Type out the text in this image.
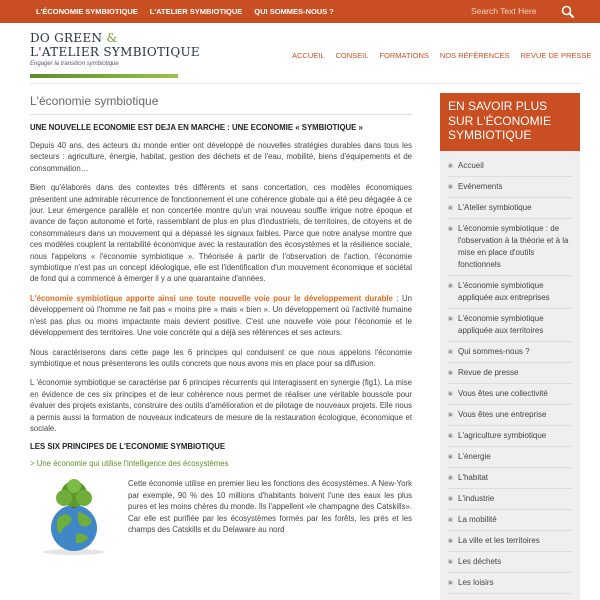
L'ÉCONOMIE SYMBIOTIQUE L'ATELIER SYMBIOTIQUE QUI SOMMES-NOUS ?	Search Text Here
DO GREEN &
L'ATELIER SYMBIOTIQUE
Engager la transition symbiotique
ACCUEIL CONSEIL FORMATIONS NOS RÉFÉRENCES REVUE DE PRESSE
L'économie symbiotique
UNE NOUVELLE ECONOMIE EST DEJA EN MARCHE : UNE ECONOMIE « SYMBIOTIQUE »

Depuis 40 ans, des acteurs du monde entier ont développé de nouvelles stratégies durables dans tous les secteurs : agriculture, énergie, habitat, gestion des déchets et de l'eau, mobilité, biens d'équipements et de consommation…

Bien qu'élaborés dans des contextes très différents et sans concertation, ces modèles économiques présentent une admirable récurrence de fonctionnement et une cohérence globale qui a été peu dégagée à ce jour. Leur émergence parallèle et non concertée montre qu'un vrai nouveau souffle irrigue notre époque et avance de façon autonome et forte, rassemblant de plus en plus d'industriels, de territoires, de citoyens et de consommateurs dans un mouvement qui a dépassé les signaux faibles. Parce que notre analyse montre que ces modèles couplent la rentabilité économique avec la restauration des écosystèmes et la résilience sociale, nous l'appelons « l'économie symbiotique ». Théorisée à partir de l'observation de l'action, l'économie symbiotique n'est pas un concept idéologique, elle est l'identification d'un mouvement économique et sociétal de fond qui a commencé à émerger il y a une quarantaine d'années.

L'économie symbiotique apporte ainsi une toute nouvelle voie pour le développement durable : Un développement où l'homme ne fait pas « moins pire » mais « bien ». Un développement où l'activité humaine n'est pas plus ou moins impactante mais devient positive. C'est une nouvelle voie pour l'économie et le développement des territoires. Une voie concrète qui a déjà ses références et ses acteurs.

Nous caractériserons dans cette page les 6 principes qui conduisent ce que nous appelons l'économie symbiotique et nous présenterons les outils concrets que nous avons mis en place pour sa diffusion.

L 'économie symbiotique se caractérise par 6 principes récurrents qui interagissent en synergie (fig1). La mise en évidence de ces six principes et de leur cohérence nous permet de réaliser une véritable boussole pour évaluer des projets existants, construire des outils d'amélioration et de pilotage de nouveaux projets. Elle nous a permis aussi la formation de nouveaux indicateurs de mesure de la restauration écologique, économique et sociale.

LES SIX PRINCIPES DE L'ECONOMIE SYMBIOTIQUE
> Une économie qui utilise l'intelligence des écosystèmes

Cette économie utilise en premier lieu les fonctions des écosystèmes. A New-York par exemple, 90 % des 10 millions d'habitants boivent l'une des eaux les plus pures et les moins chères du monde. Ils l'appellent «le champagne des Catskills». Car elle est purifiée par les écosystèmes formés par les forêts, les prés et les champs des Catskills et du Delaware au nord

EN SAVOIR PLUS SUR L'ÉCONOMIE SYMBIOTIQUE
▣ Accueil
▣ Evénements
▣ L'Atelier symbiotique
▣ L'économie symbiotique : de l'observation à la théorie et à la mise en place d'outils fonctionnels
▣ L'économie symbiotique appliquée aux entreprises
▣ L'économie symbiotique appliquée aux territoires
▣ Qui sommes-nous ?
▣ Revue de presse
▣ Vous êtes une collectivité
▣ Vous êtes une entreprise
▣ L'agriculture symbiotique
▣ L'énergie
▣ L'habitat
▣ L'industrie
▣ La mobilité
▣ La ville et les territoires
▣ Les déchets
▣ Les loisirs
